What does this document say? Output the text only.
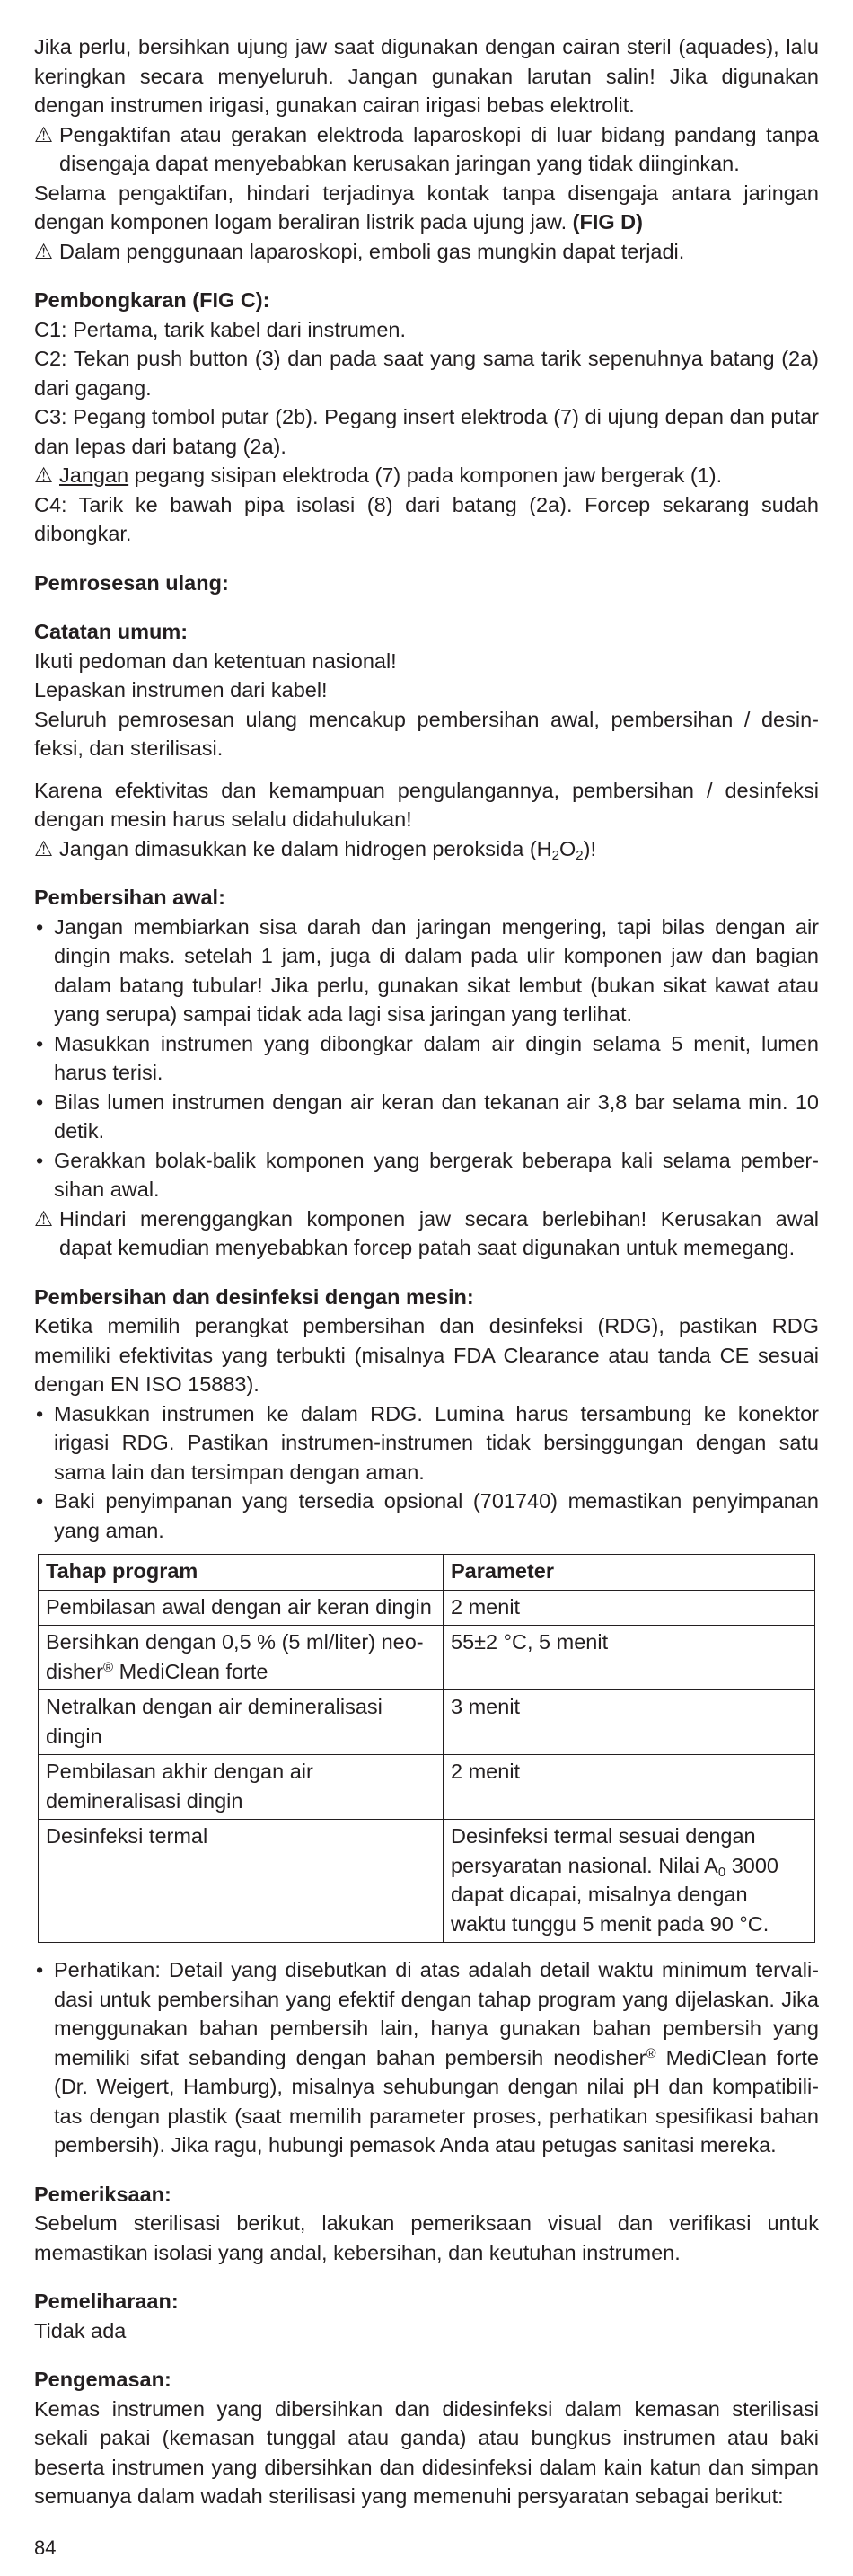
Jika perlu, bersihkan ujung jaw saat digunakan dengan cairan steril (aquades), lalu keringkan secara menyeluruh. Jangan gunakan larutan salin! Jika digunakan dengan instrumen irigasi, gunakan cairan irigasi bebas elektrolit.

⚠ Pengaktifan atau gerakan elektroda laparoskopi di luar bidang pandang tanpa disengaja dapat menyebabkan kerusakan jaringan yang tidak diinginkan.

Selama pengaktifan, hindari terjadinya kontak tanpa disengaja antara jaringan dengan komponen logam beraliran listrik pada ujung jaw. (FIG D)

⚠ Dalam penggunaan laparoskopi, emboli gas mungkin dapat terjadi.

Pembongkaran (FIG C):

C1: Pertama, tarik kabel dari instrumen.

C2: Tekan push button (3) dan pada saat yang sama tarik sepenuhnya batang (2a) dari gagang.

C3: Pegang tombol putar (2b). Pegang insert elektroda (7) di ujung depan dan putar dan lepas dari batang (2a).

⚠ Jangan pegang sisipan elektroda (7) pada komponen jaw bergerak (1).

C4: Tarik ke bawah pipa isolasi (8) dari batang (2a). Forcep sekarang sudah dibongkar.

Pemrosesan ulang:

Catatan umum:

Ikuti pedoman dan ketentuan nasional!

Lepaskan instrumen dari kabel!

Seluruh pemrosesan ulang mencakup pembersihan awal, pembersihan / desin-feksi, dan sterilisasi.

Karena efektivitas dan kemampuan pengulangannya, pembersihan / desinfeksi dengan mesin harus selalu didahulukan!

⚠ Jangan dimasukkan ke dalam hidrogen peroksida $(H_2O_2)$!

Pembersihan awal:

• Jangan membiarkan sisa darah dan jaringan mengering, tapi bilas dengan air dingin maks. setelah 1 jam, juga di dalam pada ulir komponen jaw dan bagian dalam batang tubular! Jika perlu, gunakan sikat lembut (bukan sikat kawat atau yang serupa) sampai tidak ada lagi sisa jaringan yang terlihat.
• Masukkan instrumen yang dibongkar dalam air dingin selama 5 menit, lumen harus terisi.
• Bilas lumen instrumen dengan air keran dan tekanan air 3,8 bar selama min. 10 detik.
• Gerakkan bolak-balik komponen yang bergerak beberapa kali selama pember-sihan awal.

⚠ Hindari merenggangkan komponen jaw secara berlebihan! Kerusakan awal dapat kemudian menyebabkan forcep patah saat digunakan untuk memegang.

Pembersihan dan desinfeksi dengan mesin:

Ketika memilih perangkat pembersihan dan desinfeksi (RDG), pastikan RDG memiliki efektivitas yang terbukti (misalnya FDA Clearance atau tanda CE sesuai dengan EN ISO 15883).

• Masukkan instrumen ke dalam RDG. Lumina harus tersambung ke konektor irigasi RDG. Pastikan instrumen-instrumen tidak bersinggungan dengan satu sama lain dan tersimpan dengan aman.
• Baki penyimpanan yang tersedia opsional (701740) memastikan penyimpanan yang aman.
Tahap program	Parameter
Pembilasan awal dengan air keran dingin	2 menit
Bersihkan dengan 0,5 % (5 ml/liter) neo-disher® MediClean forte	55±2 °C, 5 menit
Netralkan dengan air demineralisasi dingin	3 menit
Pembilasan akhir dengan air demineralisasi dingin	2 menit
Desinfeksi termal	Desinfeksi termal sesuai dengan persyaratan nasional. Nilai $A_0$ 3000 dapat dicapai, misalnya dengan waktu tunggu 5 menit pada 90 °C.
• Perhatikan: Detail yang disebutkan di atas adalah detail waktu minimum tervali-dasi untuk pembersihan yang efektif dengan tahap program yang dijelaskan. Jika menggunakan bahan pembersih lain, hanya gunakan bahan pembersih yang memiliki sifat sebanding dengan bahan pembersih neodisher® MediClean forte (Dr. Weigert, Hamburg), misalnya sehubungan dengan nilai pH dan kompatibili-tas dengan plastik (saat memilih parameter proses, perhatikan spesifikasi bahan pembersih). Jika ragu, hubungi pemasok Anda atau petugas sanitasi mereka.

Pemeriksaan:

Sebelum sterilisasi berikut, lakukan pemeriksaan visual dan verifikasi untuk memastikan isolasi yang andal, kebersihan, dan keutuhan instrumen.

Pemeliharaan:

Tidak ada

Pengemasan:

Kemas instrumen yang dibersihkan dan didesinfeksi dalam kemasan sterilisasi sekali pakai (kemasan tunggal atau ganda) atau bungkus instrumen atau baki beserta instrumen yang dibersihkan dan didesinfeksi dalam kain katun dan simpan semuanya dalam wadah sterilisasi yang memenuhi persyaratan sebagai berikut:

84
